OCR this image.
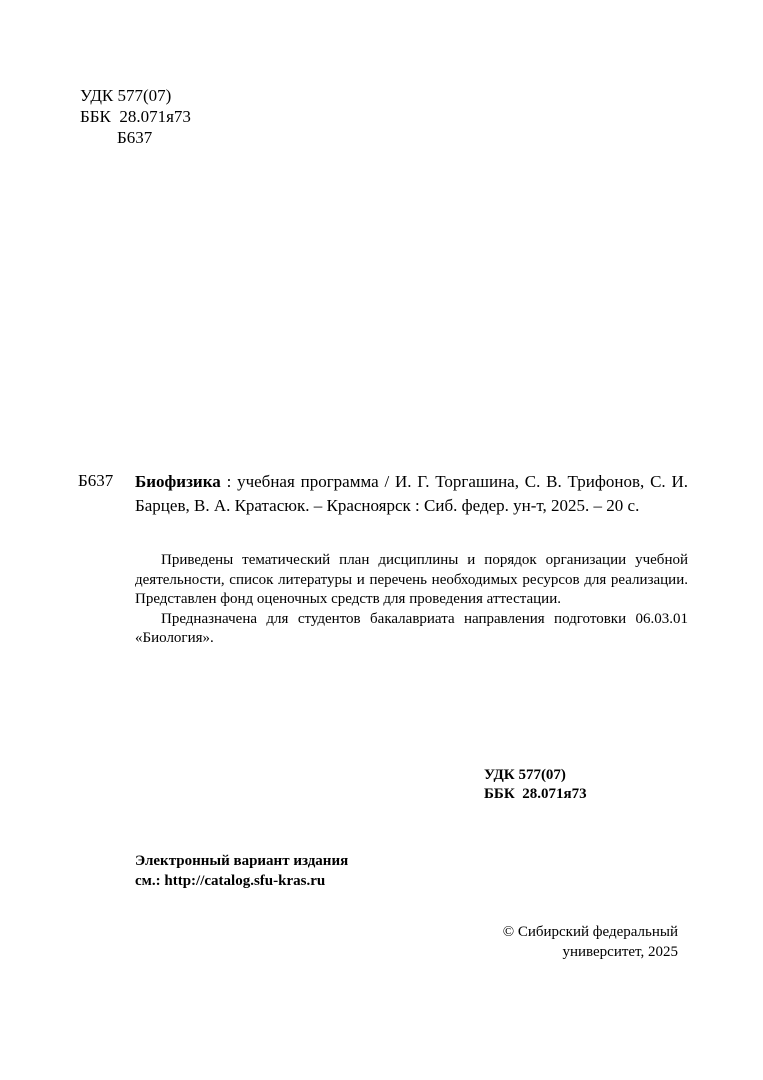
УДК 577(07)
ББК  28.071я73
Б637
Б637 Биофизика : учебная программа / И. Г. Торгашина, С. В. Трифонов, С. И. Барцев, В. А. Кратасюк. – Красноярск : Сиб. федер. ун-т, 2025. – 20 с.

Приведены тематический план дисциплины и порядок организации учебной деятельности, список литературы и перечень необходимых ресурсов для реализации. Представлен фонд оценочных средств для проведения аттестации.

Предназначена для студентов бакалавриата направления подготовки 06.03.01 «Биология».

УДК 577(07)
ББК  28.071я73
Электронный вариант издания
см.: http://catalog.sfu-kras.ru
© Сибирский федеральный
университет, 2025
